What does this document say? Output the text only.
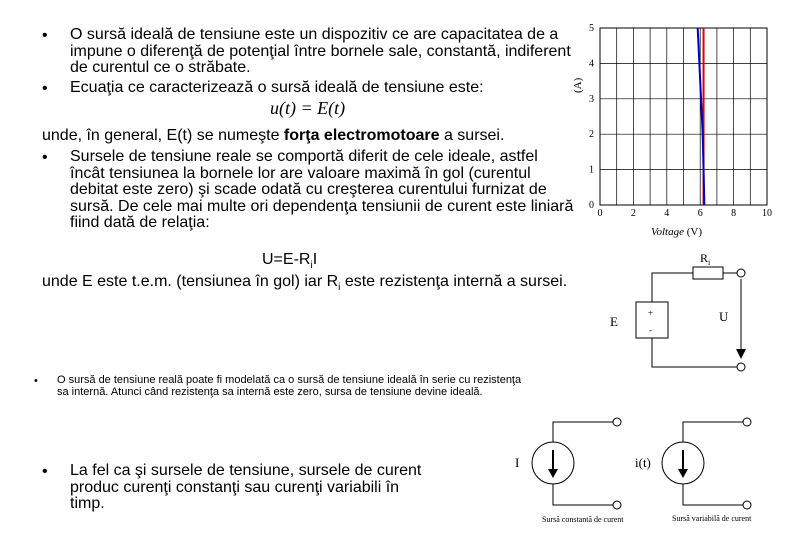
• O sursă ideală de tensiune este un dispozitiv ce are capacitatea de a impune o diferenţă de potenţial între bornele sale, constantă, indiferent de curentul ce o străbate.
• Ecuaţia ce caracterizează o sursă ideală de tensiune este:
u(t) = E(t)
unde, în general, E(t) se numeşte forţa electromotoare a sursei.
• Sursele de tensiune reale se comportă diferit de cele ideale, astfel încât tensiunea la bornele lor are valoare maximă în gol (curentul debitat este zero) şi scade odată cu creşterea curentului furnizat de sursă. De cele mai multe ori dependenţa tensiunii de curent este liniară fiind dată de relaţia:
$U=E-R_iI$
unde E este t.e.m. (tensiunea în gol) iar $R_i$ este rezistenţa internă a sursei.
• O sursă de tensiune reală poate fi modelată ca o sursă de tensiune ideală în serie cu rezistenţa sa internă. Atunci când rezistenţa sa internă este zero, sursa de tensiune devine ideală.
• La fel ca şi sursele de tensiune, sursele de curent produc curenţi constanţi sau curenţi variabili în timp.
0	2	4	6	8	10
0
1
2
3
4
5
Voltage (V)
(A)
$R_i$
E	U
+
-
I
Sursă constantă de curent
i(t)
Sursă variabilă de curent
